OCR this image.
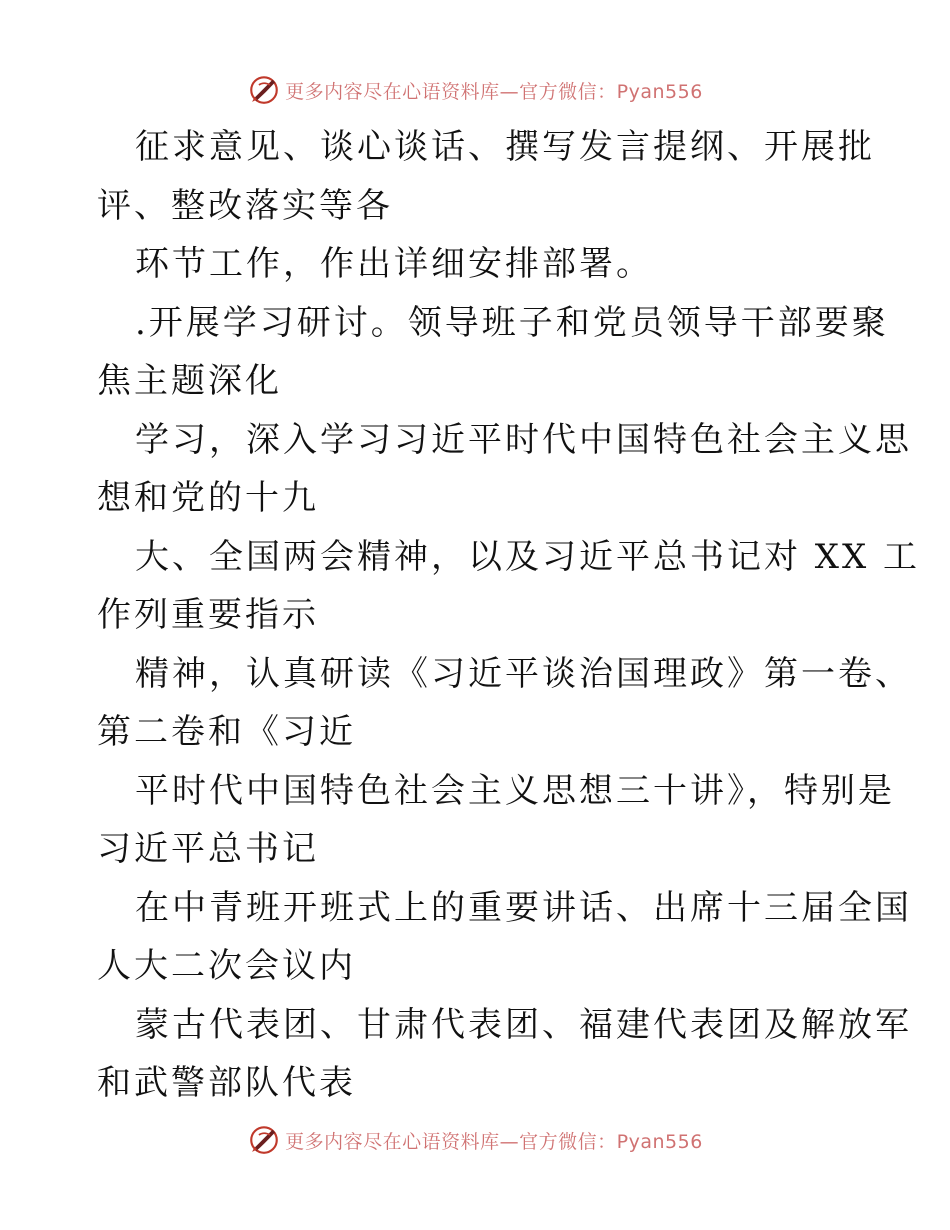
更多内容尽在心语资料库—官方微信：Pyan556
征求意见、谈心谈话、撰写发言提纲、开展批
评、整改落实等各
环节工作，作出详细安排部署。
.开展学习研讨。领导班子和党员领导干部要聚
焦主题深化
学习，深入学习习近平时代中国特色社会主义思
想和党的十九
大、全国两会精神，以及习近平总书记对 XX 工
作列重要指示
精神，认真研读《习近平谈治国理政》第一卷、
第二卷和《习近
平时代中国特色社会主义思想三十讲》，特别是
习近平总书记
在中青班开班式上的重要讲话、出席十三届全国
人大二次会议内
蒙古代表团、甘肃代表团、福建代表团及解放军
和武警部队代表
更多内容尽在心语资料库—官方微信：Pyan556
